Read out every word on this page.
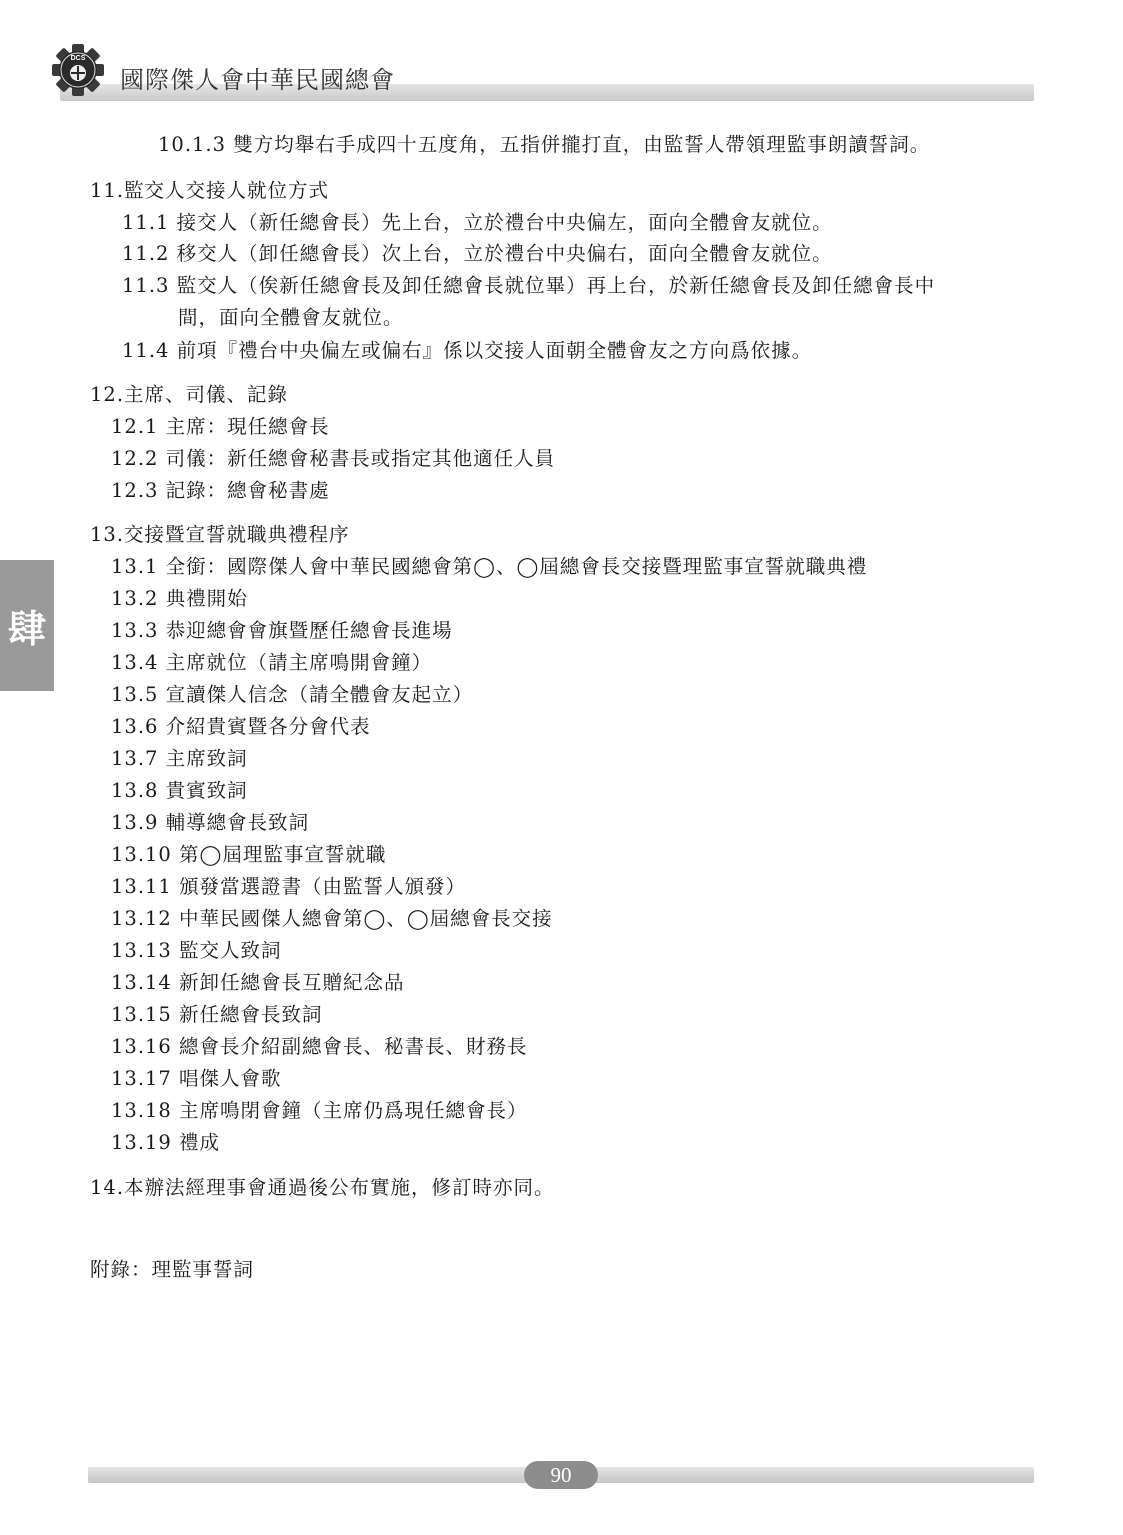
DCS
國際傑人會中華民國總會
肆
10.1.3 雙方均舉右手成四十五度角，五指併攏打直，由監誓人帶領理監事朗讀誓詞。
11.監交人交接人就位方式
11.1 接交人（新任總會長）先上台，立於禮台中央偏左，面向全體會友就位。
11.2 移交人（卸任總會長）次上台，立於禮台中央偏右，面向全體會友就位。
11.3 監交人（俟新任總會長及卸任總會長就位畢）再上台，於新任總會長及卸任總會長中
間，面向全體會友就位。
11.4 前項『禮台中央偏左或偏右』係以交接人面朝全體會友之方向爲依據。
12.主席、司儀、記錄
12.1 主席：現任總會長
12.2 司儀：新任總會秘書長或指定其他適任人員
12.3 記錄：總會秘書處
13.交接暨宣誓就職典禮程序
13.1 全銜：國際傑人會中華民國總會第◯、◯屆總會長交接暨理監事宣誓就職典禮
13.2 典禮開始
13.3 恭迎總會會旗暨歷任總會長進場
13.4 主席就位（請主席鳴開會鐘）
13.5 宣讀傑人信念（請全體會友起立）
13.6 介紹貴賓暨各分會代表
13.7 主席致詞
13.8 貴賓致詞
13.9 輔導總會長致詞
13.10 第◯屆理監事宣誓就職
13.11 頒發當選證書（由監誓人頒發）
13.12 中華民國傑人總會第◯、◯屆總會長交接
13.13 監交人致詞
13.14 新卸任總會長互贈紀念品
13.15 新任總會長致詞
13.16 總會長介紹副總會長、秘書長、財務長
13.17 唱傑人會歌
13.18 主席鳴閉會鐘（主席仍爲現任總會長）
13.19 禮成
14.本辦法經理事會通過後公布實施，修訂時亦同。
附錄：理監事誓詞
90
